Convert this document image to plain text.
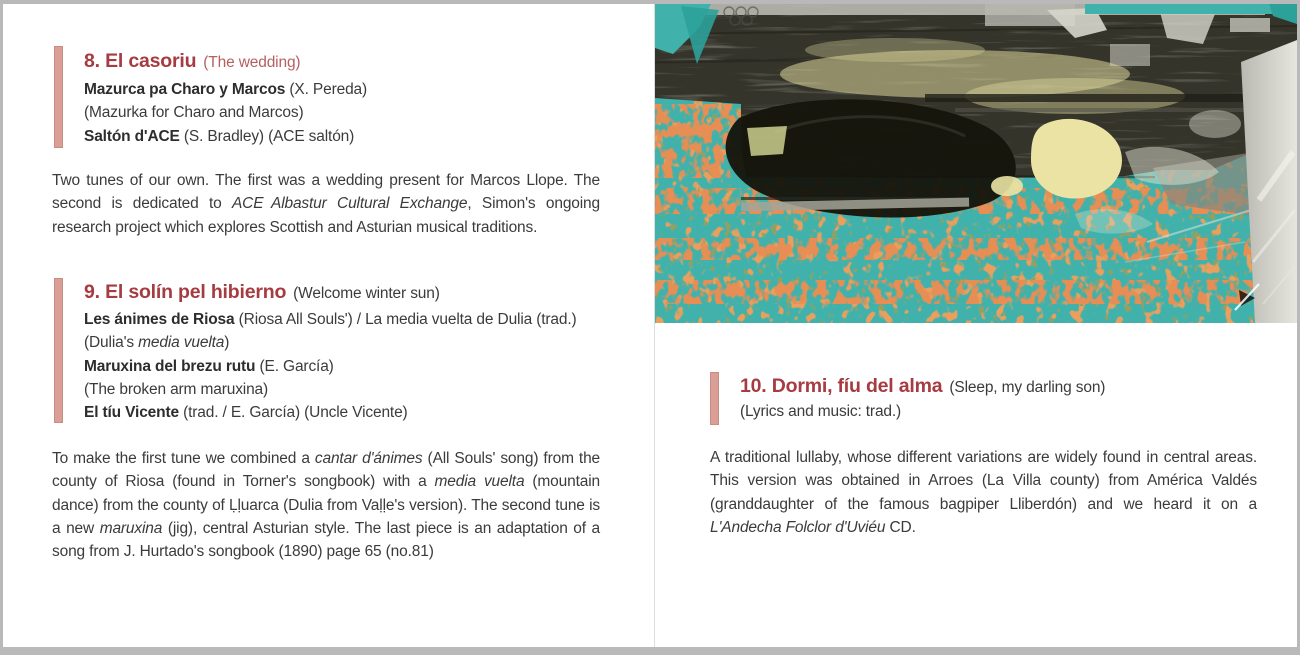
8. El casoriu (The wedding)
Mazurca pa Charo y Marcos (X. Pereda)
(Mazurka for Charo and Marcos)
Saltón d'ACE (S. Bradley) (ACE saltón)

Two tunes of our own. The first was a wedding present for Marcos Llope. The second is dedicated to ACE Albastur Cultural Exchange, Simon's ongoing research project which explores Scottish and Asturian musical traditions.

9. El solín pel hibierno (Welcome winter sun)
Les ánimes de Riosa (Riosa All Souls') / La media vuelta de Dulia (trad.)
(Dulia's media vuelta)
Maruxina del brezu rutu (E. García)
(The broken arm maruxina)
El tíu Vicente (trad. / E. García) (Uncle Vicente)

To make the first tune we combined a cantar d'ánimes (All Souls' song) from the county of Riosa (found in Torner's songbook) with a media vuelta (mountain dance) from the county of Ḷḷuarca (Dulia from Vaḷḷe's version). The second tune is a new maruxina (jig), central Asturian style. The last piece is an adaptation of a song from J. Hurtado's songbook (1890) page 65 (no.81)

10. Dormi, fíu del alma (Sleep, my darling son)
(Lyrics and music: trad.)

A traditional lullaby, whose different variations are widely found in central areas. This version was obtained in Arroes (La Villa county) from América Valdés (granddaughter of the famous bagpiper Lliberdón) and we heard it on a L'Andecha Folclor d'Uviéu CD.
